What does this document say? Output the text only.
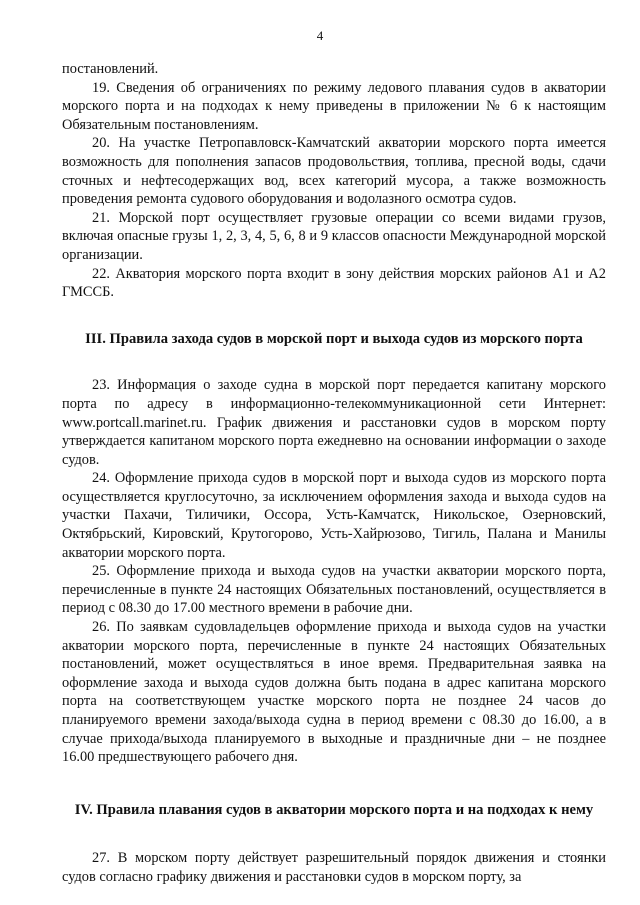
4

постановлений.

19. Сведения об ограничениях по режиму ледового плавания судов в акватории морского порта и на подходах к нему приведены в приложении № 6 к настоящим Обязательным постановлениям.

20. На участке Петропавловск-Камчатский акватории морского порта имеется возможность для пополнения запасов продовольствия, топлива, пресной воды, сдачи сточных и нефтесодержащих вод, всех категорий мусора, а также возможность проведения ремонта судового оборудования и водолазного осмотра судов.

21. Морской порт осуществляет грузовые операции со всеми видами грузов, включая опасные грузы 1, 2, 3, 4, 5, 6, 8 и 9 классов опасности Международной морской организации.

22. Акватория морского порта входит в зону действия морских районов А1 и А2 ГМССБ.

III. Правила захода судов в морской порт и выхода судов из морского порта

23. Информация о заходе судна в морской порт передается капитану морского порта по адресу в информационно-телекоммуникационной сети Интернет: www.portcall.marinet.ru. График движения и расстановки судов в морском порту утверждается капитаном морского порта ежедневно на основании информации о заходе судов.

24. Оформление прихода судов в морской порт и выхода судов из морского порта осуществляется круглосуточно, за исключением оформления захода и выхода судов на участки Пахачи, Тиличики, Оссора, Усть-Камчатск, Никольское, Озерновский, Октябрьский, Кировский, Крутогорово, Усть-Хайрюзово, Тигиль, Палана и Манилы акватории морского порта.

25. Оформление прихода и выхода судов на участки акватории морского порта, перечисленные в пункте 24 настоящих Обязательных постановлений, осуществляется в период с 08.30 до 17.00 местного времени в рабочие дни.

26. По заявкам судовладельцев оформление прихода и выхода судов на участки акватории морского порта, перечисленные в пункте 24 настоящих Обязательных постановлений, может осуществляться в иное время. Предварительная заявка на оформление захода и выхода судов должна быть подана в адрес капитана морского порта на соответствующем участке морского порта не позднее 24 часов до планируемого времени захода/выхода судна в период времени с 08.30 до 16.00, а в случае прихода/выхода планируемого в выходные и праздничные дни – не позднее 16.00 предшествующего рабочего дня.

IV. Правила плавания судов в акватории морского порта и на подходах к нему

27. В морском порту действует разрешительный порядок движения и стоянки судов согласно графику движения и расстановки судов в морском порту, за
